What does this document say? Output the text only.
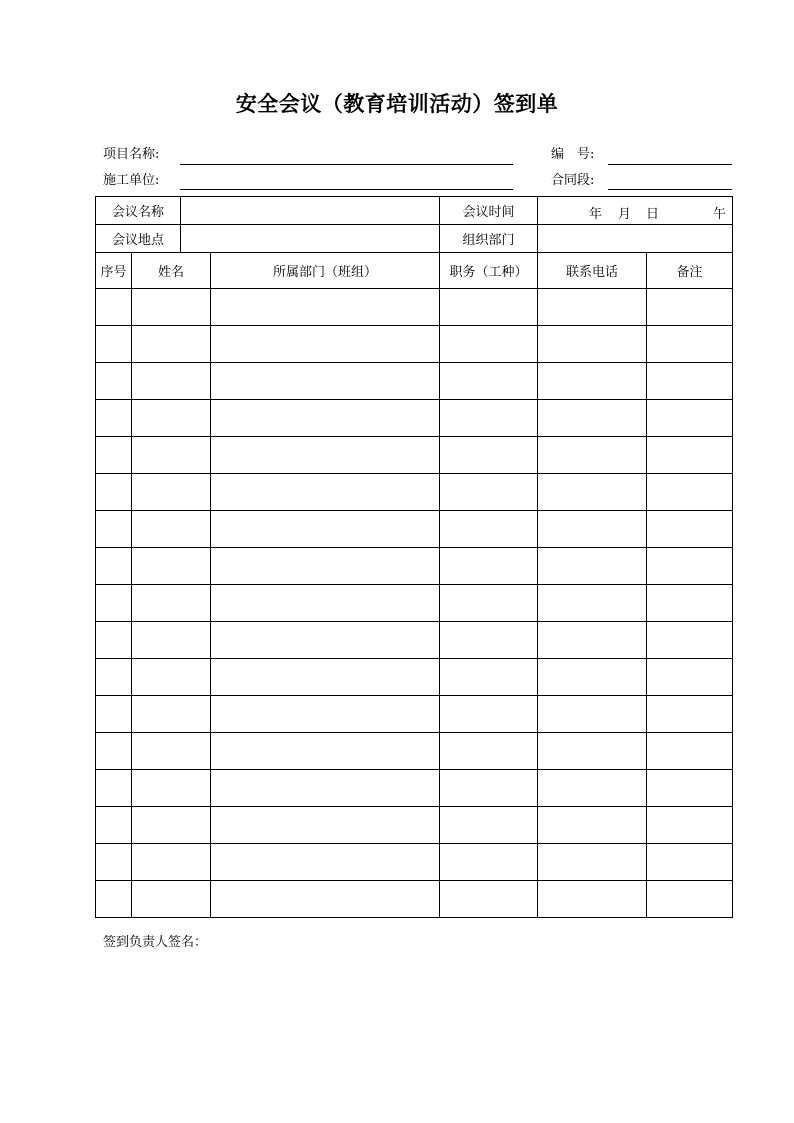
安全会议（教育培训活动）签到单
项目名称:	编　号:
施工单位:	合同段:
会议名称				会议时间	年 月 日 午	

会议地点				组织部门		
序号	姓名		所属部门（班组）	职务（工种）	联系电话	备注

签到负责人签名：
